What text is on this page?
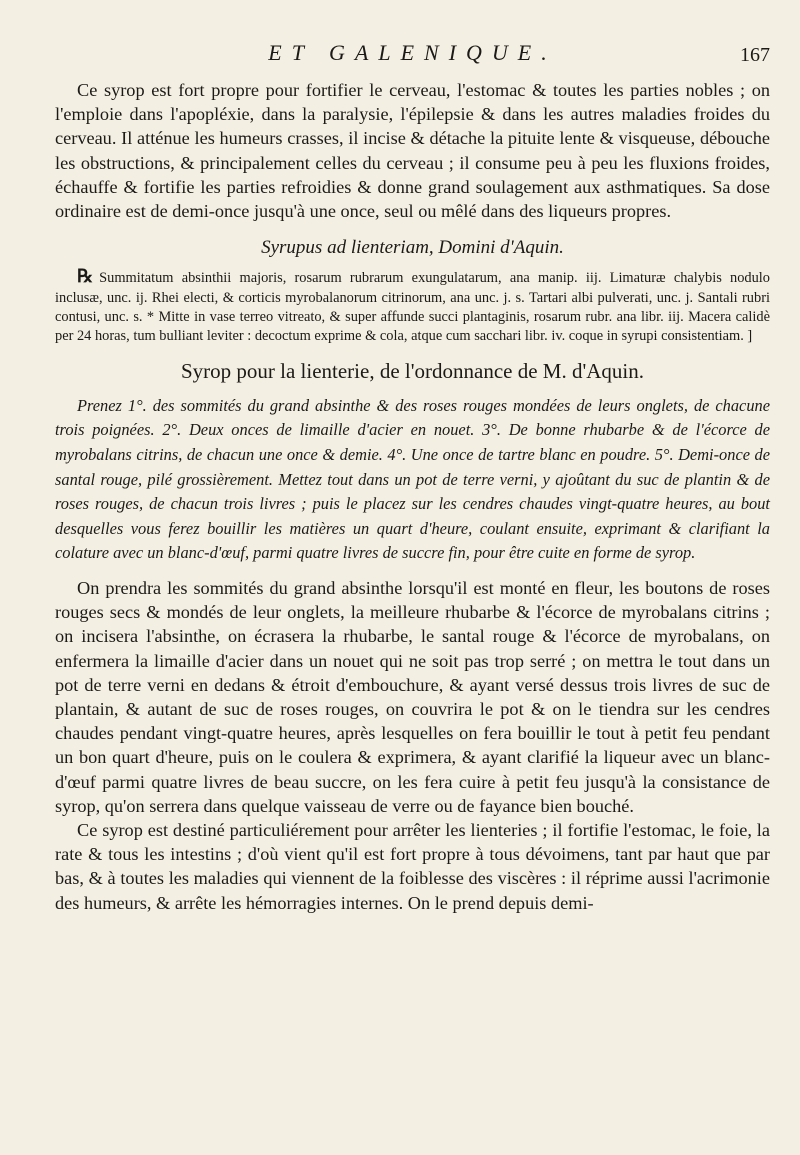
ET GALENIQUE.	167

Ce syrop est fort propre pour fortifier le cerveau, l'estomac & toutes les parties nobles ; on l'emploie dans l'apopléxie, dans la paralysie, l'épilepsie & dans les autres maladies froides du cerveau. Il atténue les humeurs crasses, il incise & détache la pituite lente & visqueuse, débouche les obstructions, & principalement celles du cerveau ; il consume peu à peu les fluxions froides, échauffe & fortifie les parties refroidies & donne grand soulagement aux asthmatiques. Sa dose ordinaire est de demi-once jusqu'à une once, seul ou mêlé dans des liqueurs propres.

Syrupus ad lienteriam, Domini d'Aquin.

℞ Summitatum absinthii majoris, rosarum rubrarum exungulatarum, ana manip. iij. Limaturæ chalybis nodulo inclusæ, unc. ij. Rhei electi, & corticis myrobalanorum citrinorum, ana unc. j. s. Tartari albi pulverati, unc. j. Santali rubri contusi, unc. s. * Mitte in vase terreo vitreato, & super affunde succi plantaginis, rosarum rubr. ana libr. iij. Macera calidè per 24 horas, tum bulliant leviter : decoctum exprime & cola, atque cum sacchari libr. iv. coque in syrupi consistentiam. ]

Syrop pour la lienterie, de l'ordonnance de M. d'Aquin.

Prenez 1°. des sommités du grand absinthe & des roses rouges mondées de leurs onglets, de chacune trois poignées. 2°. Deux onces de limaille d'acier en nouet. 3°. De bonne rhubarbe & de l'écorce de myrobalans citrins, de chacun une once & demie. 4°. Une once de tartre blanc en poudre. 5°. Demi-once de santal rouge, pilé grossièrement. Mettez tout dans un pot de terre verni, y ajoûtant du suc de plantin & de roses rouges, de chacun trois livres ; puis le placez sur les cendres chaudes vingt-quatre heures, au bout desquelles vous ferez bouillir les matières un quart d'heure, coulant ensuite, exprimant & clarifiant la colature avec un blanc-d'œuf, parmi quatre livres de succre fin, pour être cuite en forme de syrop.

On prendra les sommités du grand absinthe lorsqu'il est monté en fleur, les boutons de roses rouges secs & mondés de leur onglets, la meilleure rhubarbe & l'écorce de myrobalans citrins ; on incisera l'absinthe, on écrasera la rhubarbe, le santal rouge & l'écorce de myrobalans, on enfermera la limaille d'acier dans un nouet qui ne soit pas trop serré ; on mettra le tout dans un pot de terre verni en dedans & étroit d'embouchure, & ayant versé dessus trois livres de suc de plantain, & autant de suc de roses rouges, on couvrira le pot & on le tiendra sur les cendres chaudes pendant vingt-quatre heures, après lesquelles on fera bouillir le tout à petit feu pendant un bon quart d'heure, puis on le coulera & exprimera, & ayant clarifié la liqueur avec un blanc-d'œuf parmi quatre livres de beau succre, on les fera cuire à petit feu jusqu'à la consistance de syrop, qu'on serrera dans quelque vaisseau de verre ou de fayance bien bouché.

Ce syrop est destiné particuliérement pour arrêter les lienteries ; il fortifie l'estomac, le foie, la rate & tous les intestins ; d'où vient qu'il est fort propre à tous dévoimens, tant par haut que par bas, & à toutes les maladies qui viennent de la foiblesse des viscères : il réprime aussi l'acrimonie des humeurs, & arrête les hémorragies internes. On le prend depuis demi-
